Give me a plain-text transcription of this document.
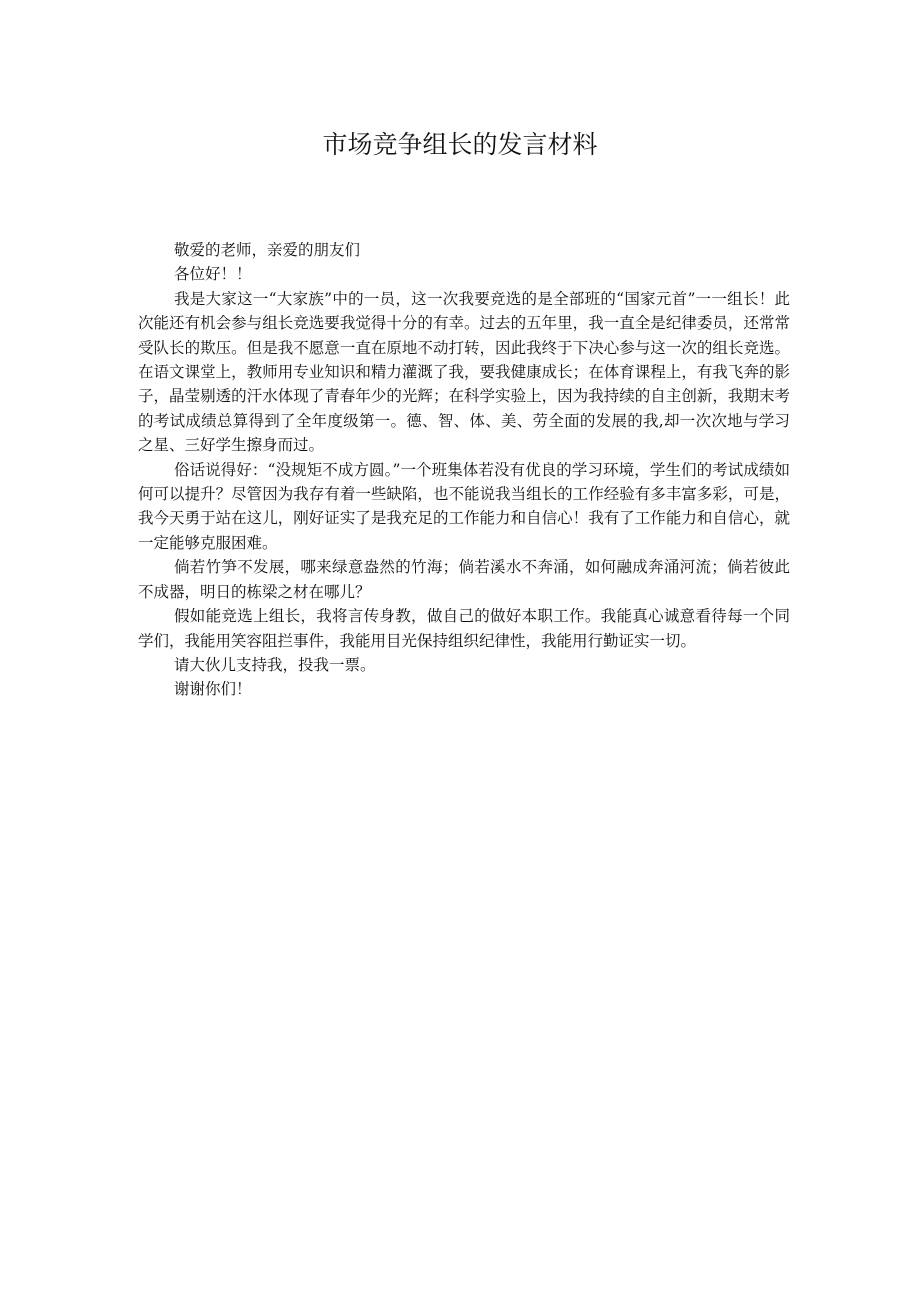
市场竞争组长的发言材料

敬爱的老师，亲爱的朋友们

各位好！！

我是大家这一“大家族”中的一员，这一次我要竞选的是全部班的“国家元首”一一组长！此次能还有机会参与组长竞选要我觉得十分的有幸。过去的五年里，我一直全是纪律委员，还常常受队长的欺压。但是我不愿意一直在原地不动打转，因此我终于下决心参与这一次的组长竞选。在语文课堂上，教师用专业知识和精力灌溉了我，要我健康成长；在体育课程上，有我飞奔的影子，晶莹剔透的汗水体现了青春年少的光辉；在科学实验上，因为我持续的自主创新，我期末考的考试成绩总算得到了全年度级第一。德、智、体、美、劳全面的发展的我,却一次次地与学习之星、三好学生擦身而过。

俗话说得好：“没规矩不成方圆。”一个班集体若没有优良的学习环境，学生们的考试成绩如何可以提升？尽管因为我存有着一些缺陷，也不能说我当组长的工作经验有多丰富多彩，可是，我今天勇于站在这儿，刚好证实了是我充足的工作能力和自信心！我有了工作能力和自信心，就一定能够克服困难。

倘若竹笋不发展，哪来绿意盎然的竹海；倘若溪水不奔涌，如何融成奔涌河流；倘若彼此不成器，明日的栋梁之材在哪儿？

假如能竞选上组长，我将言传身教，做自己的做好本职工作。我能真心诚意看待每一个同学们，我能用笑容阻拦事件，我能用目光保持组织纪律性，我能用行勤证实一切。

请大伙儿支持我，投我一票。

谢谢你们！
